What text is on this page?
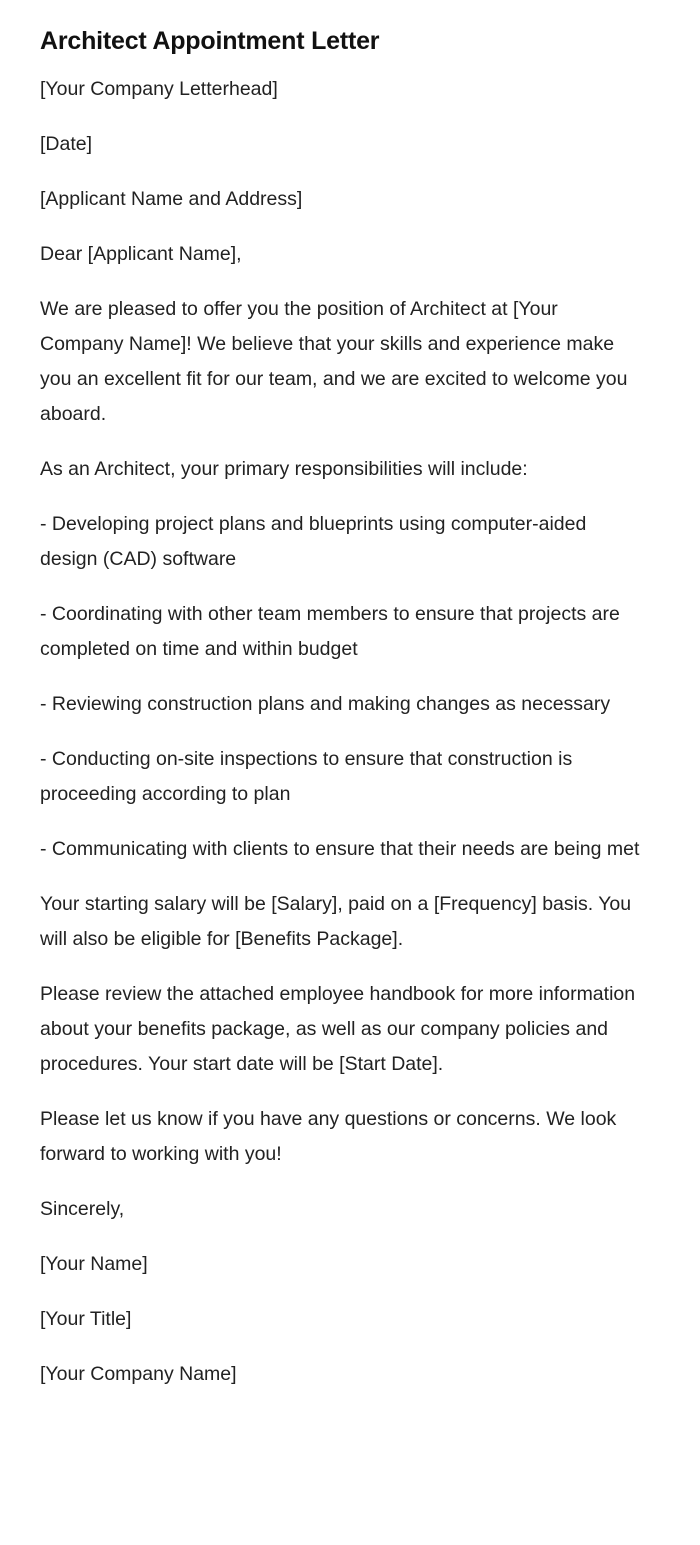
Architect Appointment Letter

[Your Company Letterhead]

[Date]

[Applicant Name and Address]

Dear [Applicant Name],

We are pleased to offer you the position of Architect at [Your Company Name]! We believe that your skills and experience make you an excellent fit for our team, and we are excited to welcome you aboard.

As an Architect, your primary responsibilities will include:

- Developing project plans and blueprints using computer-aided design (CAD) software

- Coordinating with other team members to ensure that projects are completed on time and within budget

- Reviewing construction plans and making changes as necessary

- Conducting on-site inspections to ensure that construction is proceeding according to plan

- Communicating with clients to ensure that their needs are being met

Your starting salary will be [Salary], paid on a [Frequency] basis. You will also be eligible for [Benefits Package].

Please review the attached employee handbook for more information about your benefits package, as well as our company policies and procedures. Your start date will be [Start Date].

Please let us know if you have any questions or concerns. We look forward to working with you!

Sincerely,

[Your Name]

[Your Title]

[Your Company Name]
